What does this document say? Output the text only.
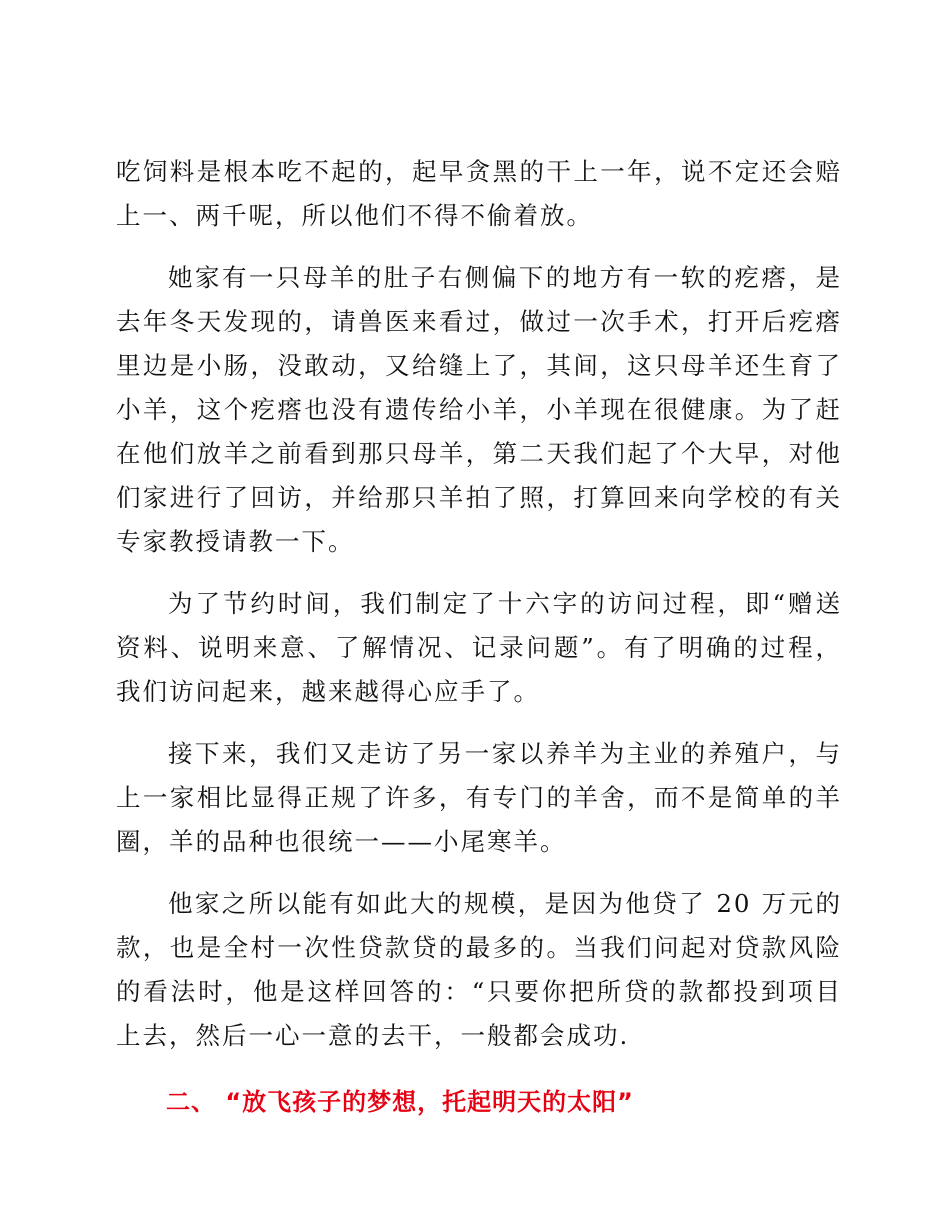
吃饲料是根本吃不起的，起早贪黑的干上一年，说不定还会赔上一、两千呢，所以他们不得不偷着放。

她家有一只母羊的肚子右侧偏下的地方有一软的疙瘩，是去年冬天发现的，请兽医来看过，做过一次手术，打开后疙瘩里边是小肠，没敢动，又给缝上了，其间，这只母羊还生育了小羊，这个疙瘩也没有遗传给小羊，小羊现在很健康。为了赶在他们放羊之前看到那只母羊，第二天我们起了个大早，对他们家进行了回访，并给那只羊拍了照，打算回来向学校的有关专家教授请教一下。

为了节约时间，我们制定了十六字的访问过程，即“赠送资料、说明来意、了解情况、记录问题”。有了明确的过程，我们访问起来，越来越得心应手了。

接下来，我们又走访了另一家以养羊为主业的养殖户，与上一家相比显得正规了许多，有专门的羊舍，而不是简单的羊圈，羊的品种也很统一——小尾寒羊。

他家之所以能有如此大的规模，是因为他贷了 20 万元的款，也是全村一次性贷款贷的最多的。当我们问起对贷款风险的看法时，他是这样回答的：“只要你把所贷的款都投到项目上去，然后一心一意的去干，一般都会成功.

二、 “放飞孩子的梦想，托起明天的太阳”
